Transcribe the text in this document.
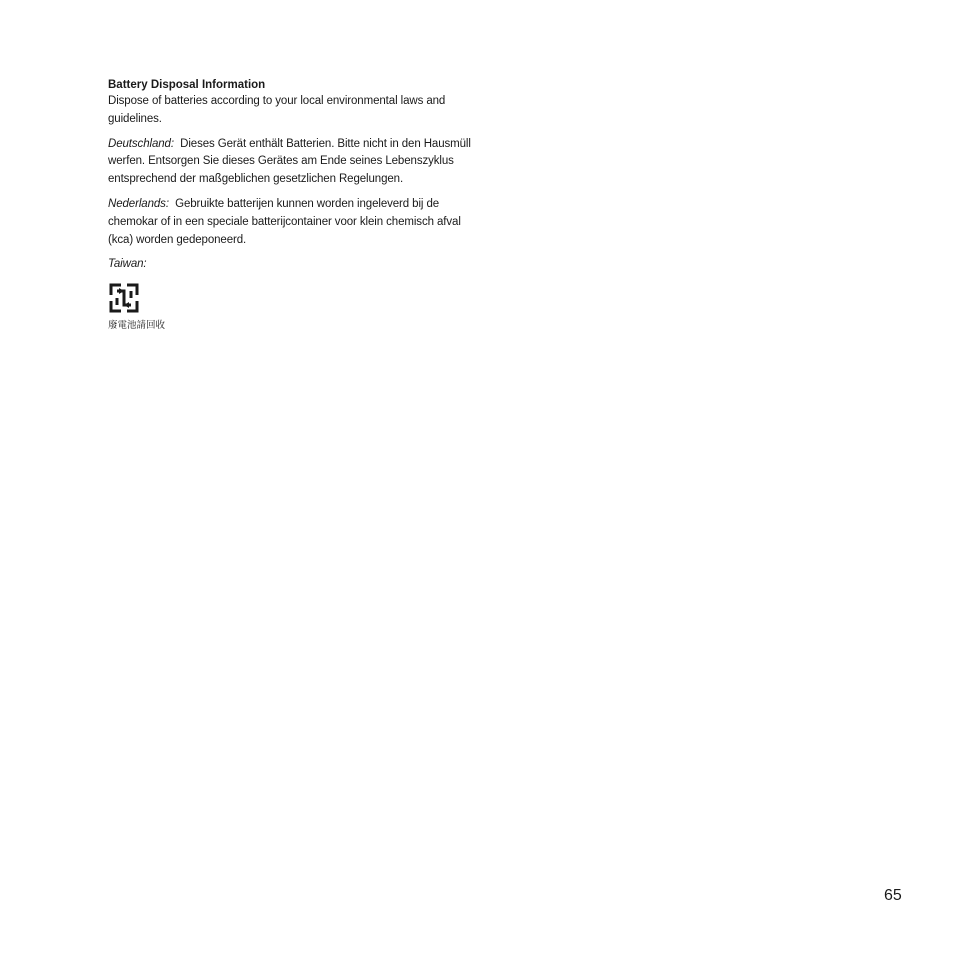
Battery Disposal Information

Dispose of batteries according to your local environmental laws and guidelines.

Deutschland: Dieses Gerät enthält Batterien. Bitte nicht in den Hausmüll werfen. Entsorgen Sie dieses Gerätes am Ende seines Lebenszyklus entsprechend der maßgeblichen gesetzlichen Regelungen.

Nederlands: Gebruikte batterijen kunnen worden ingeleverd bij de chemokar of in een speciale batterijcontainer voor klein chemisch afval (kca) worden gedeponeerd.

Taiwan:

廢電池請回收
65
